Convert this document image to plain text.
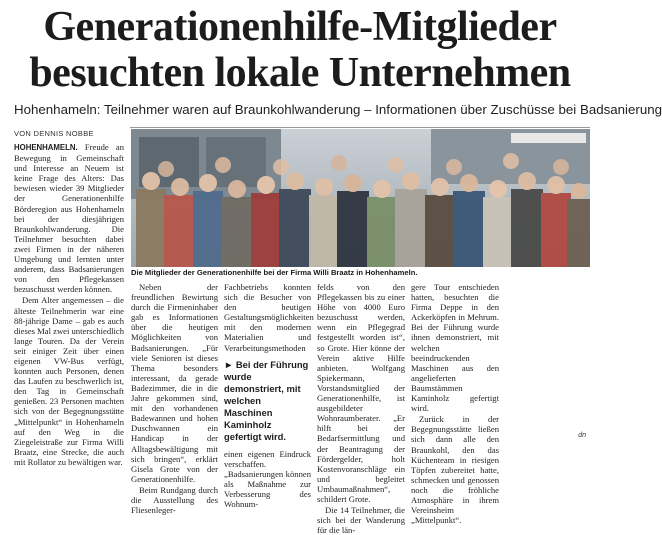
Generationenhilfe-Mitglieder
besuchten lokale Unternehmen
Hohenhameln: Teilnehmer waren auf Braunkohlwanderung – Informationen über Zuschüsse bei Badsanierung
VON DENNIS NOBBE

HOHENHAMELN. Freude an Bewegung in Gemeinschaft und Interesse an Neuem ist keine Frage des Alters: Das bewiesen wieder 39 Mitglieder der Generationenhilfe Börderegion aus Hohenhameln bei der diesjährigen Braunkohlwanderung. Die Teilnehmer besuchten dabei zwei Firmen in der näheren Umgebung und lernten unter anderem, dass Badsanierungen von den Pflegekassen bezuschusst werden können.

Dem Alter angemessen – die älteste Teilnehmerin war eine 88-jährige Dame – gab es auch dieses Mal zwei unterschiedlich lange Touren. Da der Verein seit einiger Zeit über einen eigenen VW-Bus verfügt, konnten auch Personen, denen das Laufen zu beschwerlich ist, den Tag in Gemeinschaft genießen. 23 Personen machten sich von der Begegnungsstätte „Mittelpunkt“ in Hohenhameln auf den Weg in die Ziegeleistraße zur Firma Willi Braatz, eine Strecke, die auch mit Rollator zu bewältigen war.

Die Mitglieder der Generationenhilfe bei der Firma Willi Braatz in Hohenhameln.

Neben der freundlichen Bewirtung durch die Firmeninhaber gab es Informationen über die heutigen Möglichkeiten von Badsanierungen. „Für viele Senioren ist dieses Thema besonders interessant, da gerade Badezimmer, die in die Jahre gekommen sind, mit den vorhandenen Badewannen und hohen Duschwannen ein Handicap in der Alltagsbewältigung mit sich bringen“, erklärt Gisela Grote von der Generationenhilfe.

Beim Rundgang durch die Ausstellung des Fliesenleger-

Fachbetriebs konnten sich die Besucher von den heutigen Gestaltungsmöglichkeiten mit den modernen Materialien und Verarbeitungsmethoden

► Bei der Führung wurde demonstriert, mit welchen Maschinen Kaminholz gefertigt wird.

einen eigenen Eindruck verschaffen. „Badsanierungen können als Maßnahme zur Verbesserung des Wohnum-

felds von den Pflegekassen bis zu einer Höhe von 4000 Euro bezuschusst werden, wenn ein Pflegegrad festgestellt worden ist“, so Grote. Hier könne der Verein aktive Hilfe anbieten. Wolfgang Spiekermann, Vorstandsmitglied der Generationenhilfe, ist ausgebildeter Wohnraumberater. „Er hilft bei der Bedarfsermittlung und der Beantragung der Fördergelder, holt Kostenvoranschläge ein und begleitet Umbaumaßnahmen“, schildert Grote.

Die 14 Teilnehmer, die sich bei der Wanderung für die län-

gere Tour entschieden hatten, besuchten die Firma Deppe in den Ackerköpfen in Mehrum. Bei der Führung wurde ihnen demonstriert, mit welchen beeindruckenden Maschinen aus den angelieferten Baumstämmen Kaminholz gefertigt wird.

Zurück in der Begegnungsstätte ließen sich dann alle den Braunkohl, den das Küchenteam in riesigen Töpfen zubereitet hatte, schmecken und genossen noch die fröhliche Atmosphäre in ihrem Vereinsheim „Mittelpunkt“.

dn
